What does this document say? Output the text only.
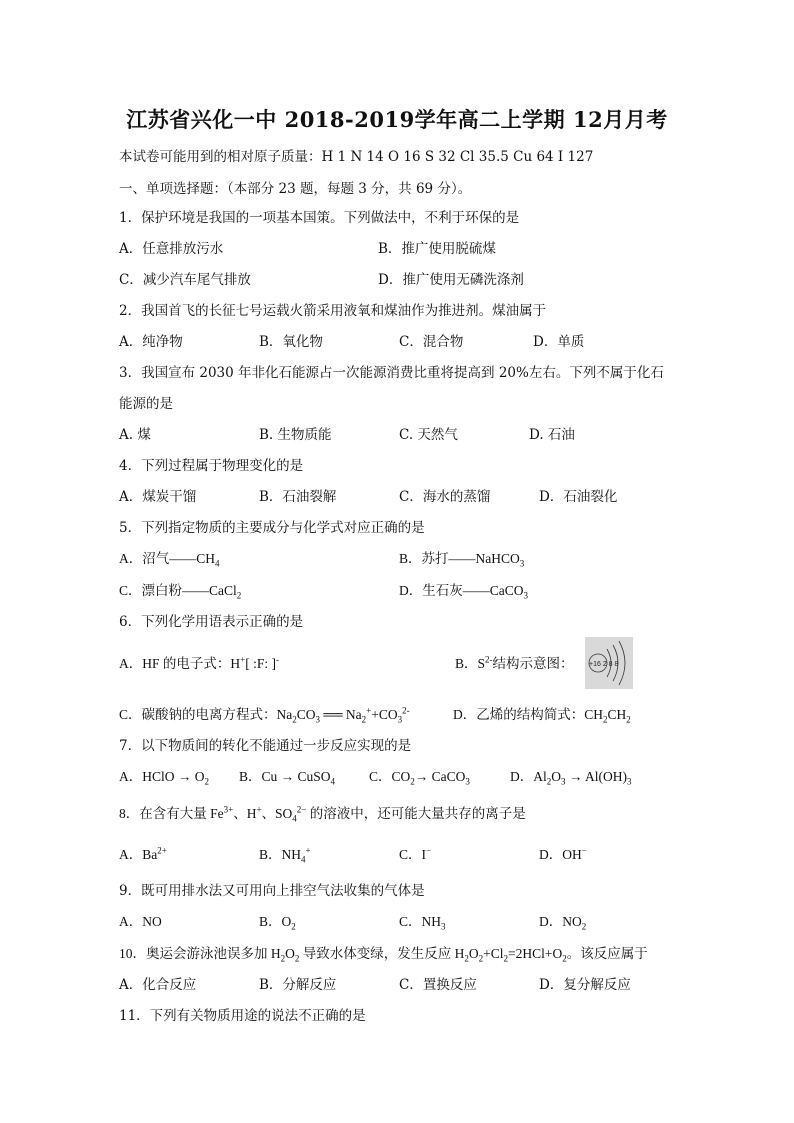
江苏省兴化一中 2018-2019学年高二上学期 12月月考
本试卷可能用到的相对原子质量：H 1 N 14 O 16 S 32 Cl 35.5 Cu 64 I 127
一、单项选择题：（本部分 23 题，每题 3 分，共 69 分）。
1．保护环境是我国的一项基本国策。下列做法中，不利于环保的是
A．任意排放污水	B．推广使用脱硫煤
C．减少汽车尾气排放	D．推广使用无磷洗涤剂
2．我国首飞的长征七号运载火箭采用液氧和煤油作为推进剂。煤油属于
A．纯净物	B．氧化物	C．混合物	D．单质
3．我国宣布 2030 年非化石能源占一次能源消费比重将提高到 20%左右。下列不属于化石
能源的是
A. 煤	B. 生物质能	C. 天然气	D. 石油
4．下列过程属于物理变化的是
A．煤炭干馏	B．石油裂解	C．海水的蒸馏	D．石油裂化
5．下列指定物质的主要成分与化学式对应正确的是
A．沼气$——CH_4$	B．苏打——NaHCO$_3$
C．漂白粉——CaCl$_2$	D．生石灰——CaCO$_3$
6．下列化学用语表示正确的是
A．HF 的电子式：H+[ :F: ]-	B．$S^{2-}$结构示意图： +16 2 8 8
C．碳酸钠的电离方程式：$Na_2CO_3$ ══ $Na_2^++CO_3^{2-}$	D．乙烯的结构简式：$CH_2CH_2$
7．以下物质间的转化不能通过一步反应实现的是
A．HClO → $O_2$ B．Cu → CuSO$_4$	C．$CO_2\to$ CaCO$_3$	D．$Al_2O_3 \to Al(OH)_3$
8．在含有大量 $Fe^{3+}$、H+、$SO_4^{2-}$ 的溶液中，还可能大量共存的离子是
A．$Ba^{2+}$	B．$NH_4^+$	C．I−	D．OH−
9．既可用排水法又可用向上排空气法收集的气体是
A．NO	B．$O_2$	C．$NH_3$	D．$NO_2$
10．奥运会游泳池误多加 $H_2O_2$ 导致水体变绿，发生反应 $H_2O_2+Cl_2=2HCl+O_2$。该反应属于
A．化合反应	B．分解反应	C．置换反应	D．复分解反应
11．下列有关物质用途的说法不正确的是
